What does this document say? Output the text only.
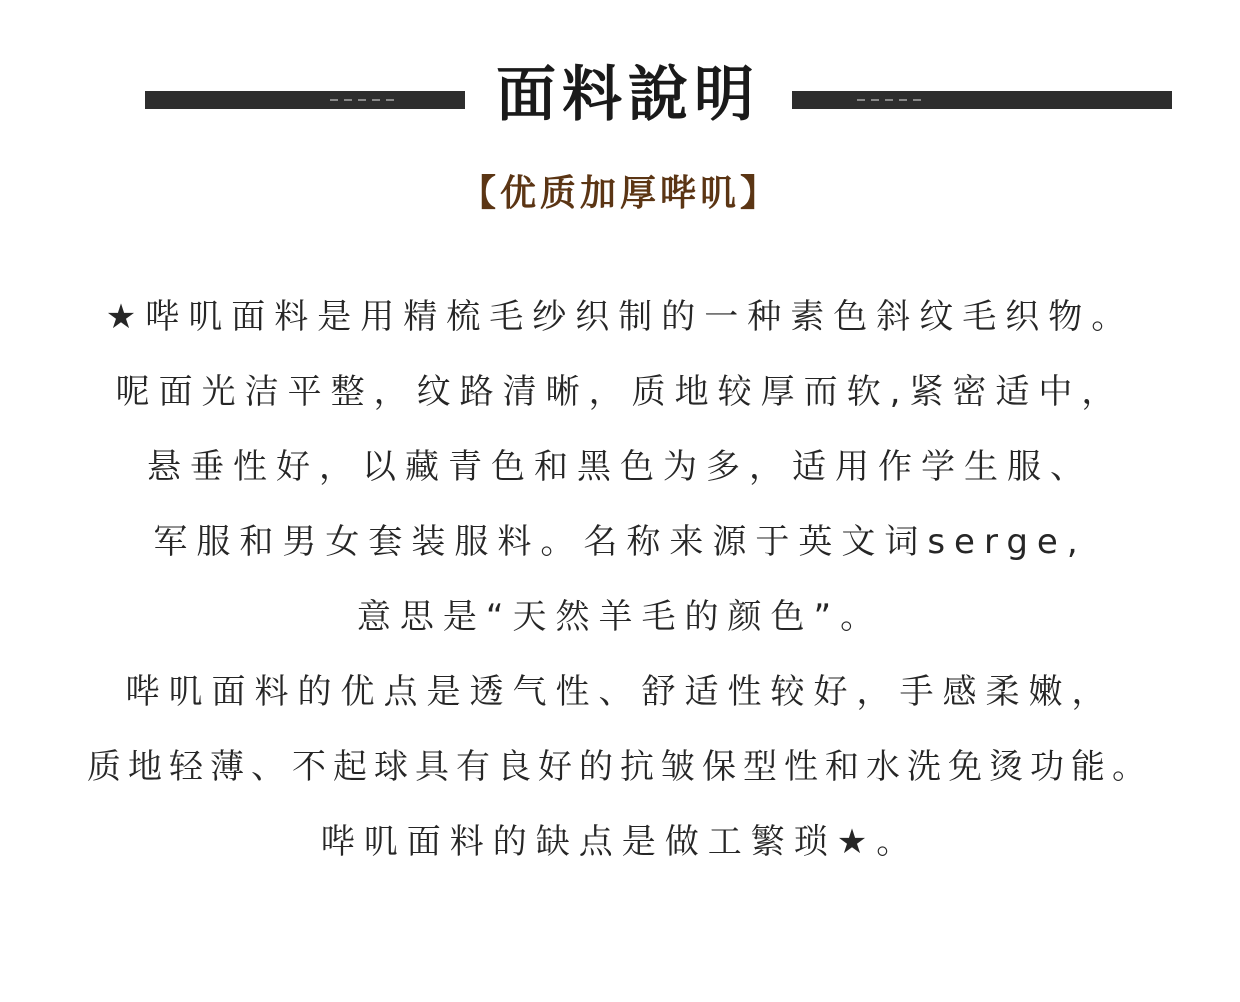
面料說明
【优质加厚哔叽】
★哔叽面料是用精梳毛纱织制的一种素色斜纹毛织物。
呢面光洁平整，纹路清晰，质地较厚而软,紧密适中，
悬垂性好，以藏青色和黑色为多，适用作学生服、
军服和男女套装服料。名称来源于英文词serge,
意思是“天然羊毛的颜色”。
哔叽面料的优点是透气性、舒适性较好，手感柔嫩，
质地轻薄、不起球具有良好的抗皱保型性和水洗免烫功能。
哔叽面料的缺点是做工繁琐★。
